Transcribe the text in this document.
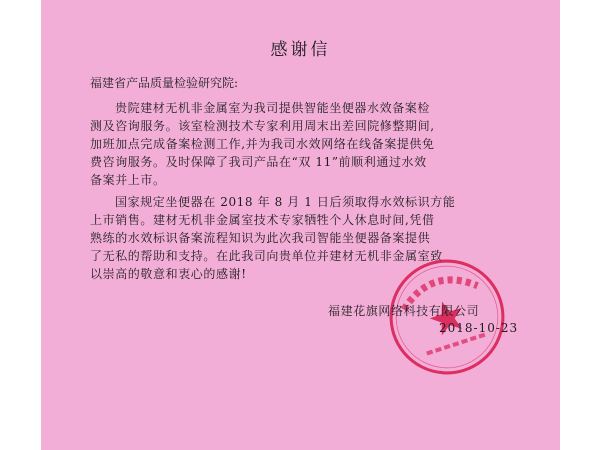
感谢信
福建省产品质量检验研究院:
贵院建材无机非金属室为我司提供智能坐便器水效备案检
测及咨询服务。该室检测技术专家利用周末出差回院修整期间,
加班加点完成备案检测工作,并为我司水效网络在线备案提供免
费咨询服务。及时保障了我司产品在“双 11”前顺利通过水效
备案并上市。
国家规定坐便器在 2018 年 8 月 1 日后须取得水效标识方能
上市销售。建材无机非金属室技术专家牺牲个人休息时间,凭借
熟练的水效标识备案流程知识为此次我司智能坐便器备案提供
了无私的帮助和支持。在此我司向贵单位并建材无机非金属室致
以崇高的敬意和衷心的感谢!
福建花旗网络科技有限公司
2018-10-23
